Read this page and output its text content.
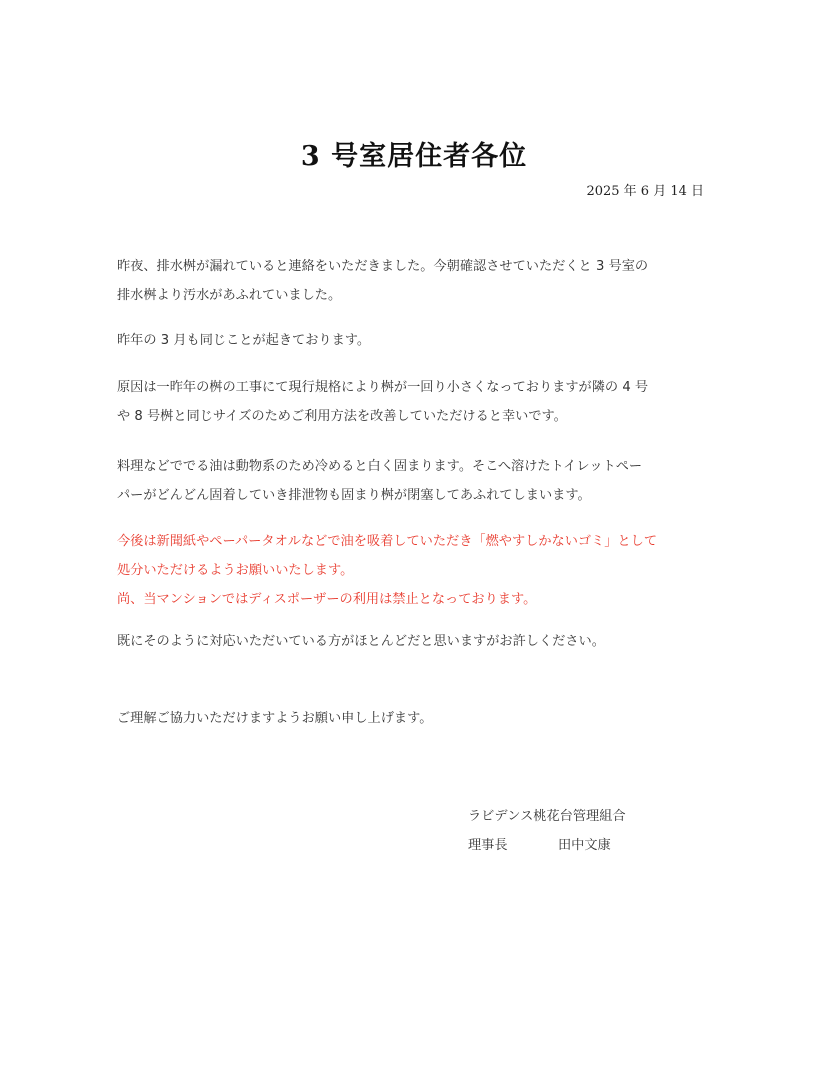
3 号室居住者各位
2025 年 6 月 14 日
昨夜、排水桝が漏れていると連絡をいただきました。今朝確認させていただくと 3 号室の
排水桝より汚水があふれていました。
昨年の 3 月も同じことが起きております。
原因は一昨年の桝の工事にて現行規格により桝が一回り小さくなっておりますが隣の 4 号
や 8 号桝と同じサイズのためご利用方法を改善していただけると幸いです。
料理などででる油は動物系のため冷めると白く固まります。そこへ溶けたトイレットペー
パーがどんどん固着していき排泄物も固まり桝が閉塞してあふれてしまいます。
今後は新聞紙やペーパータオルなどで油を吸着していただき「燃やすしかないゴミ」として
処分いただけるようお願いいたします。
尚、当マンションではディスポーザーの利用は禁止となっております。
既にそのように対応いただいている方がほとんどだと思いますがお許しください。
ご理解ご協力いただけますようお願い申し上げます。
ラビデンス桃花台管理組合
理事長	田中文康
